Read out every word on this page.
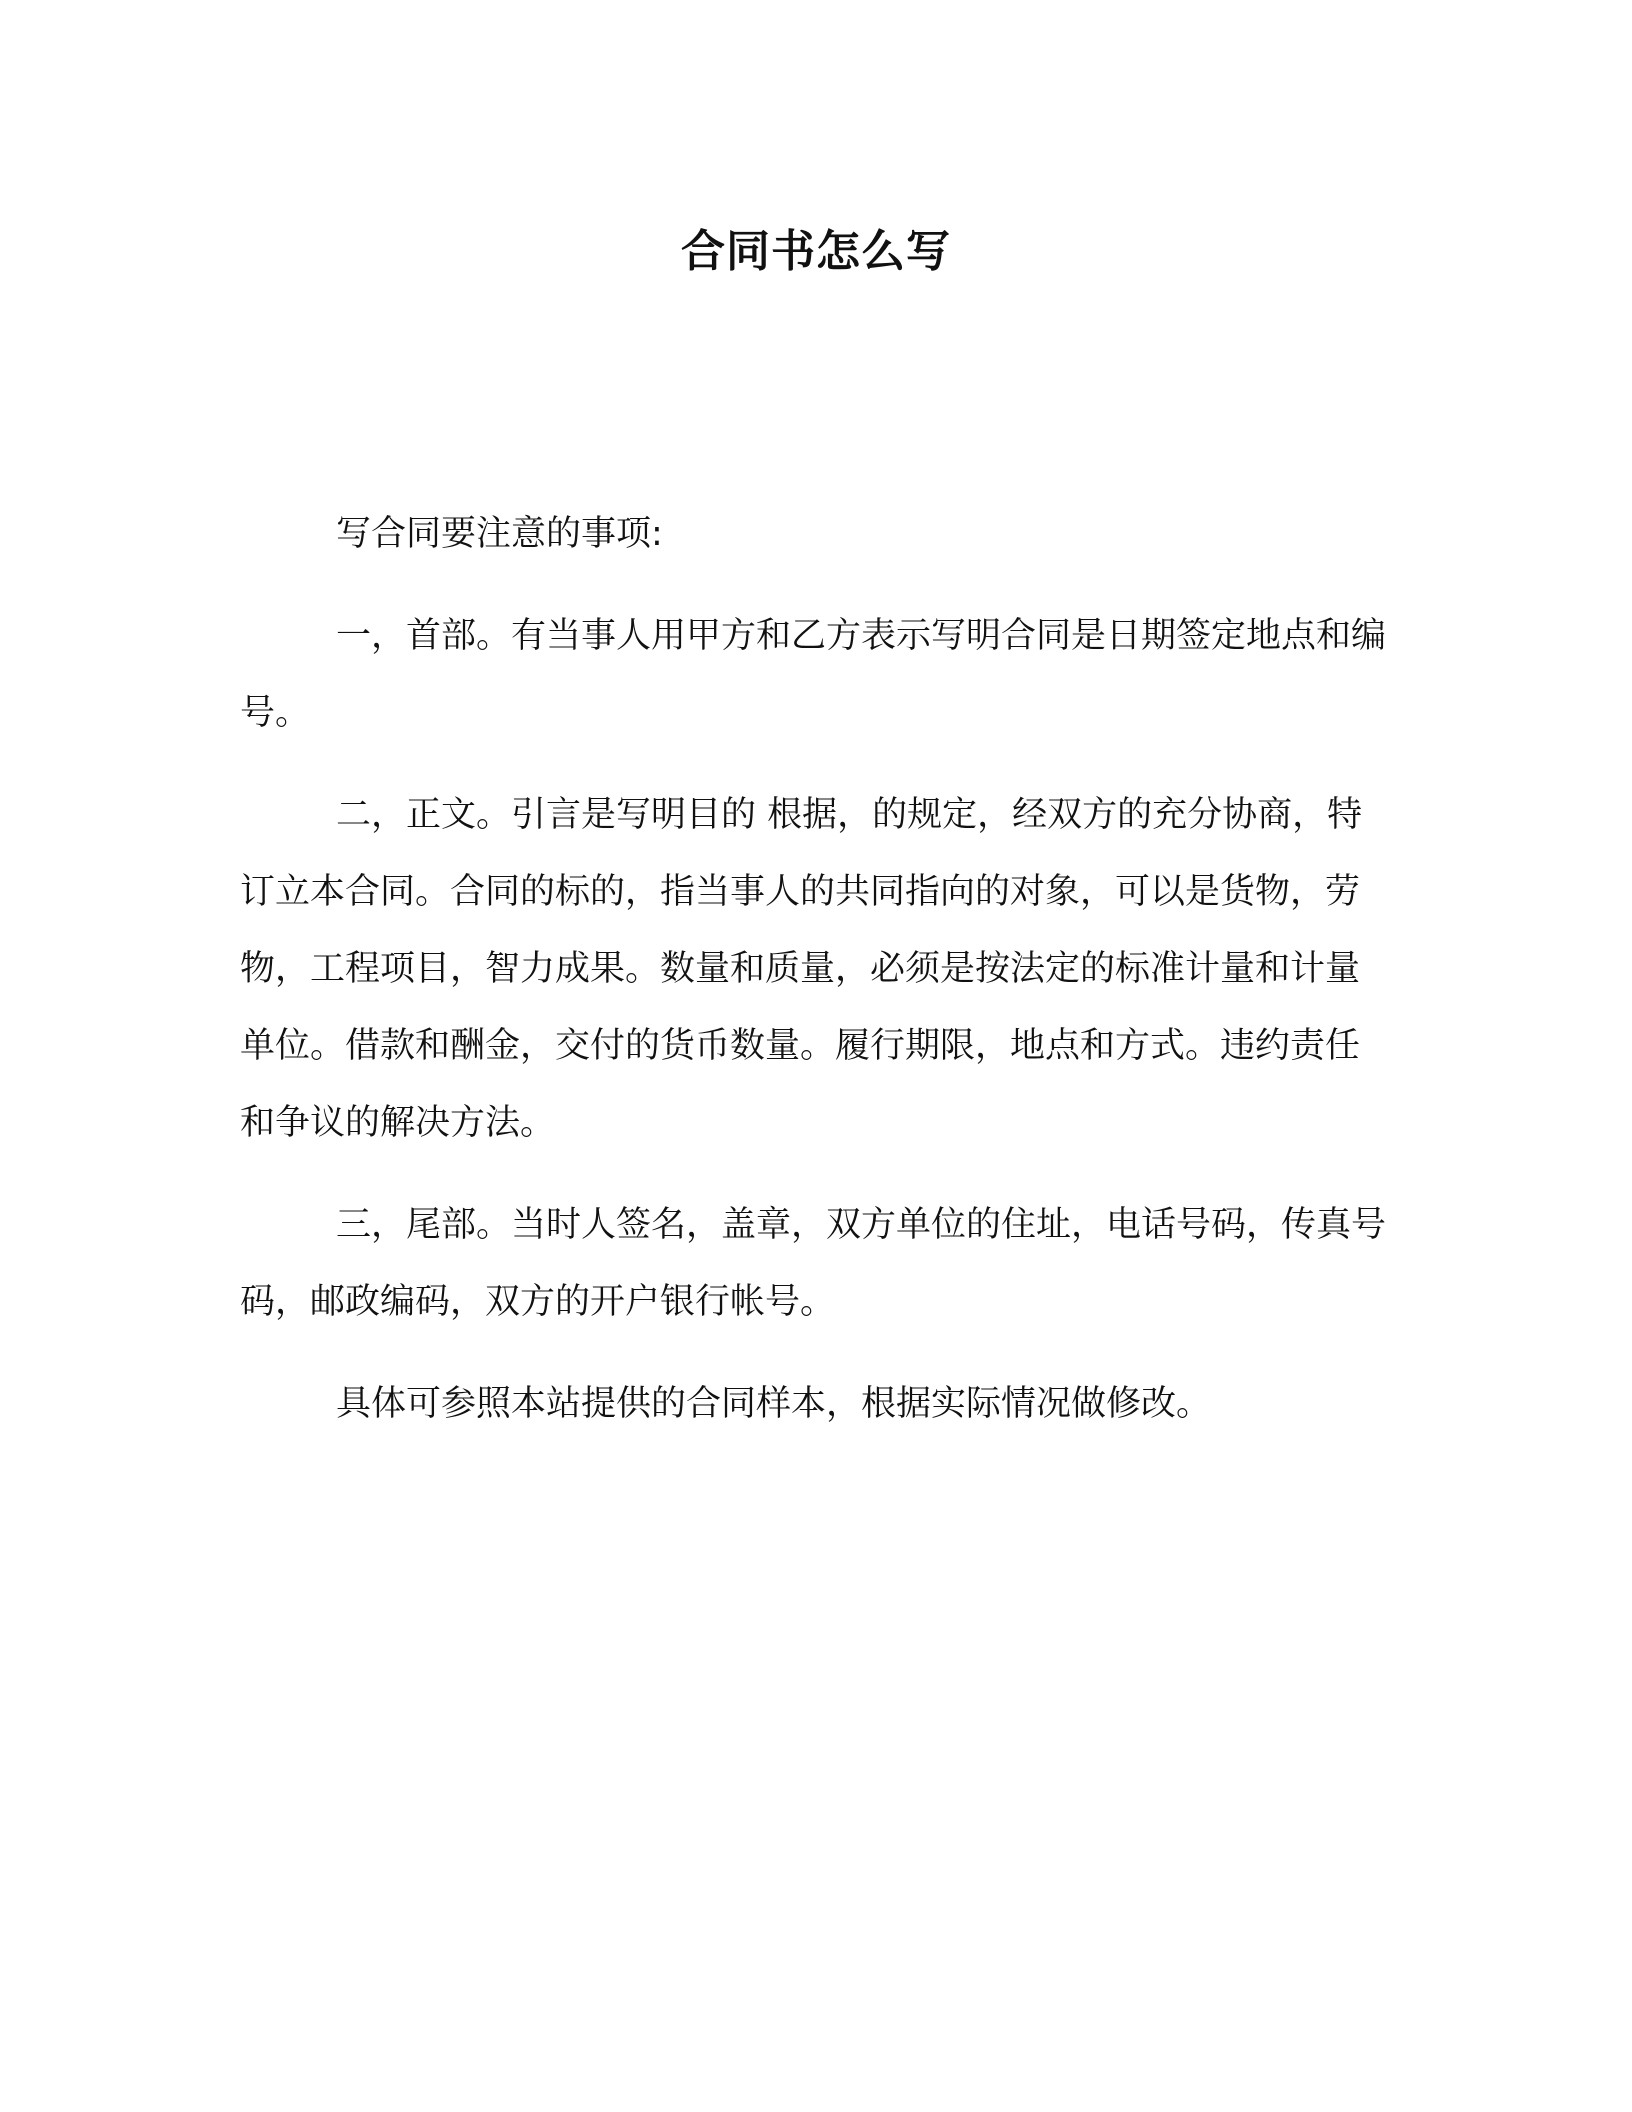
合同书怎么写

写合同要注意的事项:

一，首部。有当事人用甲方和乙方表示写明合同是日期签定地点和编号。

二，正文。引言是写明目的 根据，的规定，经双方的充分协商，特订立本合同。合同的标的，指当事人的共同指向的对象，可以是货物，劳物，工程项目，智力成果。数量和质量，必须是按法定的标准计量和计量单位。借款和酬金，交付的货币数量。履行期限，地点和方式。违约责任和争议的解决方法。

三，尾部。当时人签名，盖章，双方单位的住址，电话号码，传真号码，邮政编码，双方的开户银行帐号。

具体可参照本站提供的合同样本，根据实际情况做修改。
